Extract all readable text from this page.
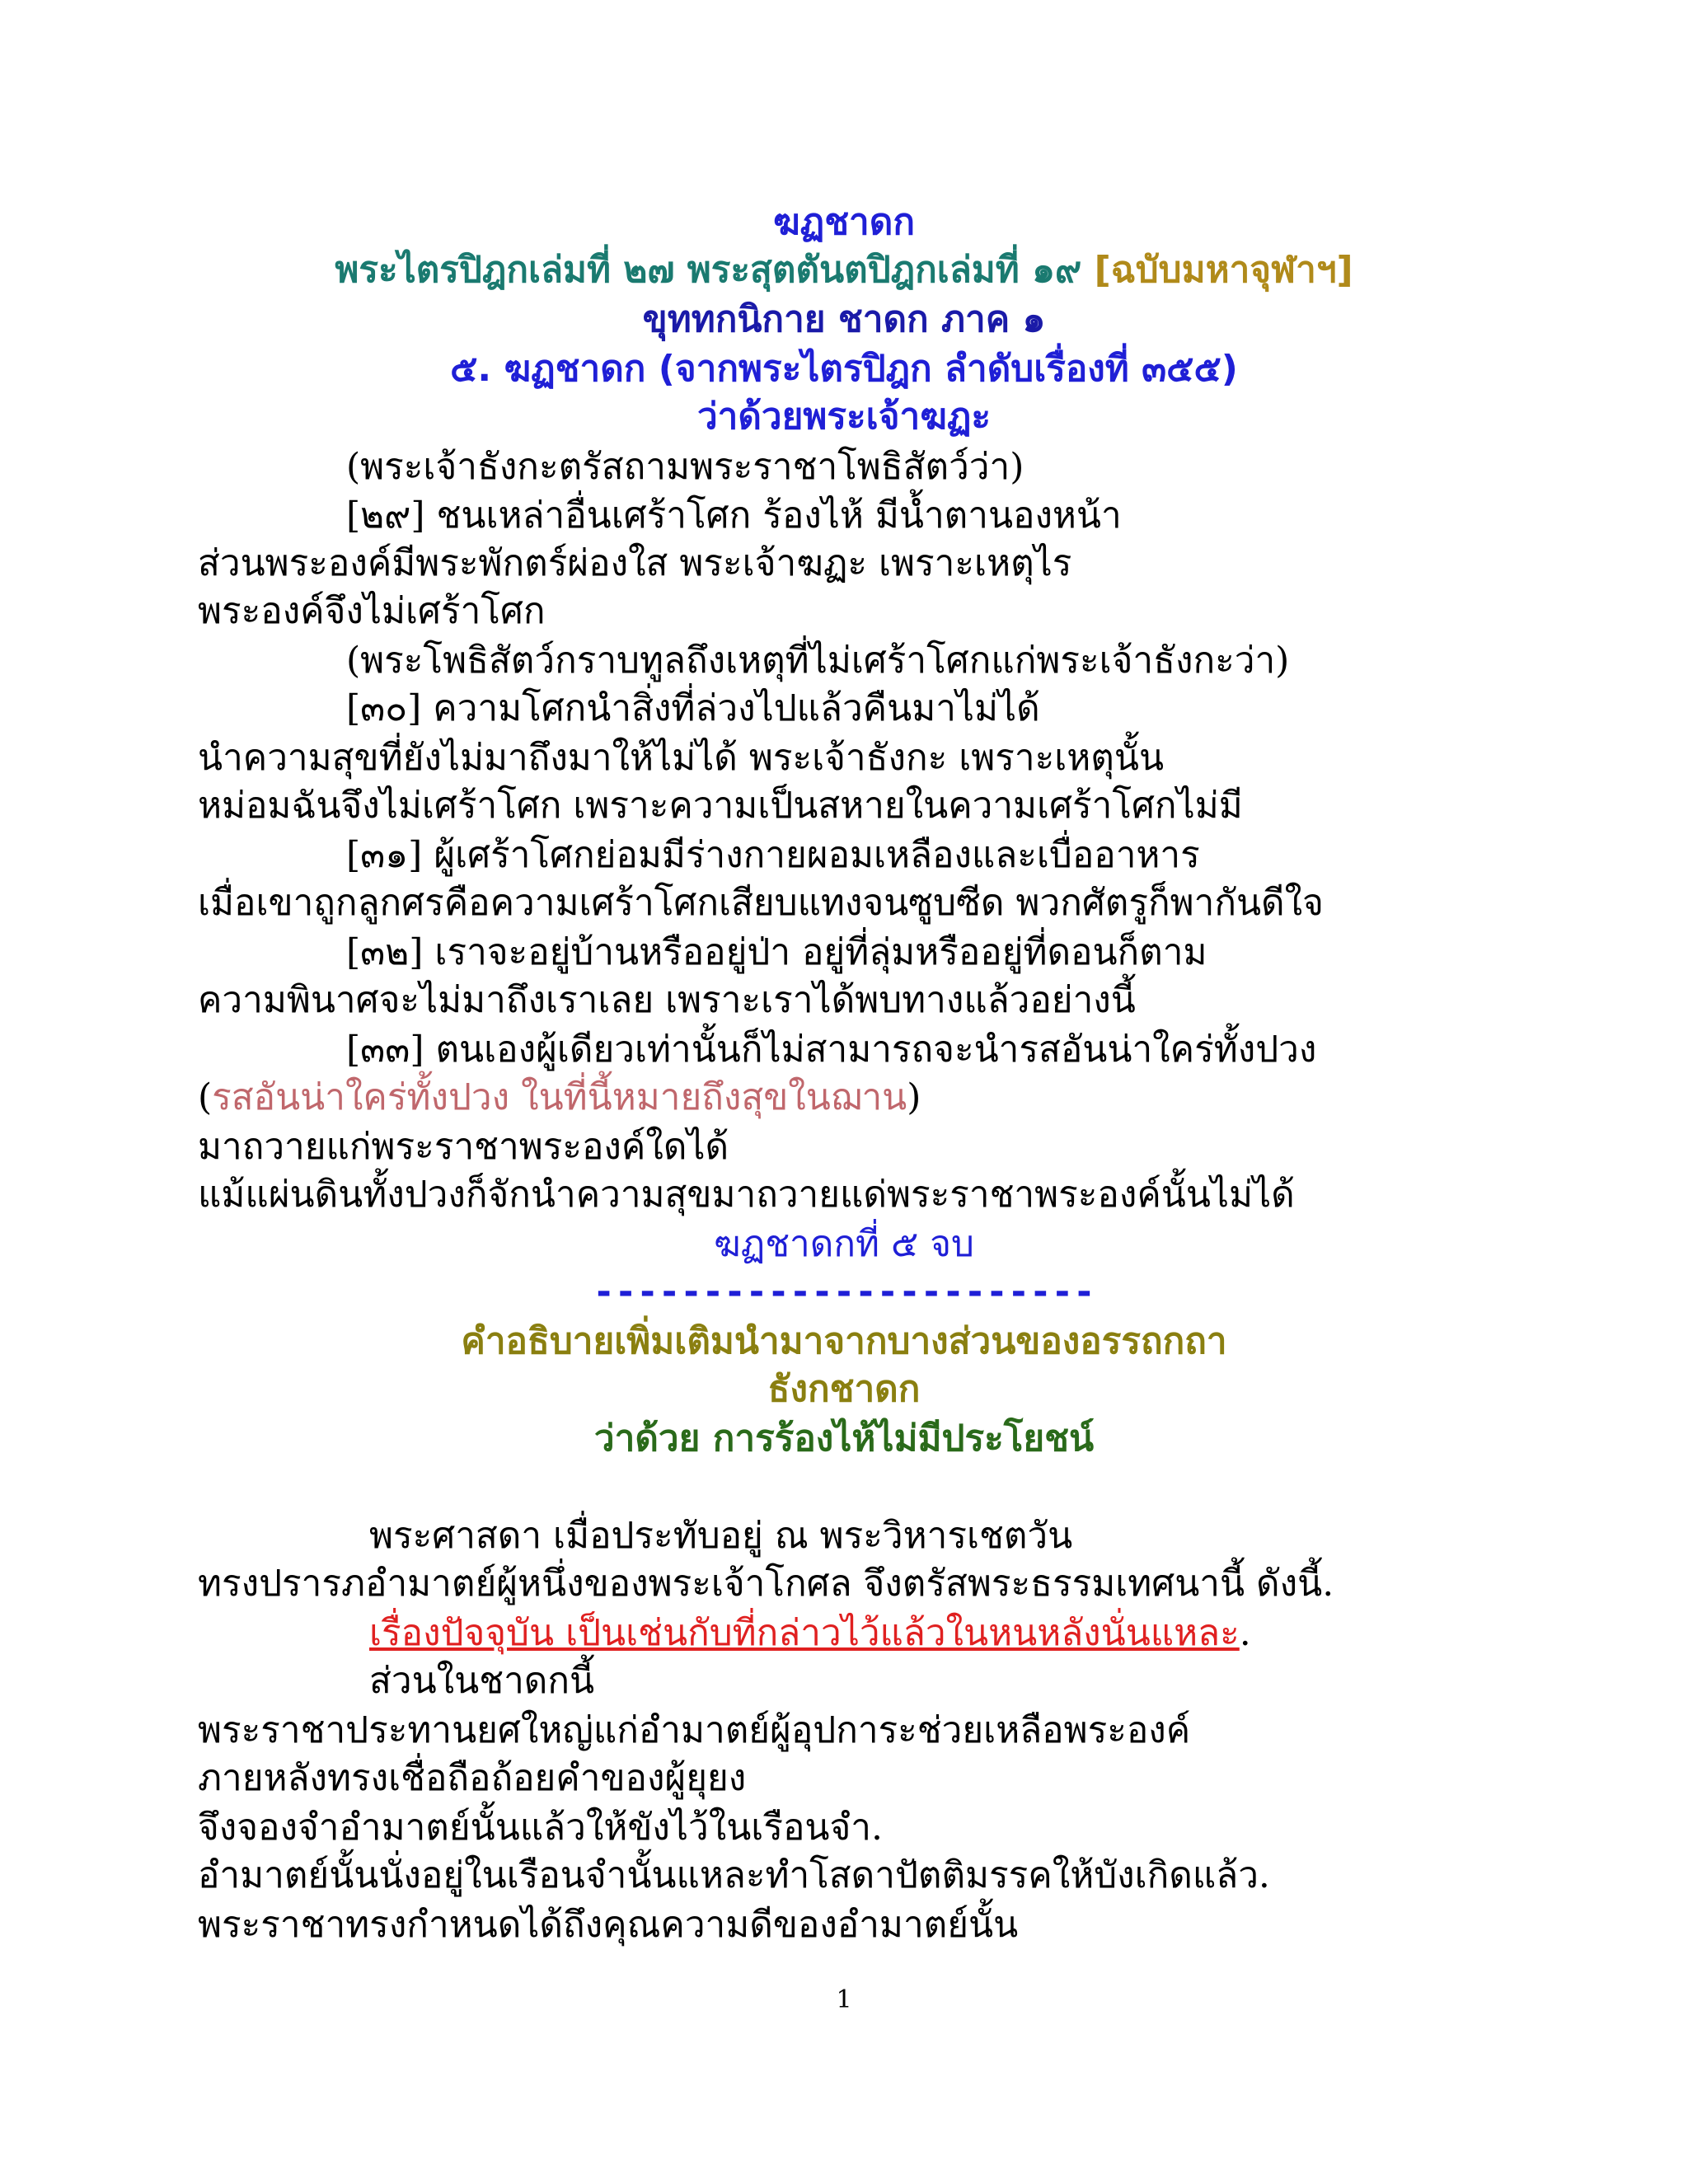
ฆฏชาดก
พระไตรปิฎกเล่มที่ ๒๗ พระสุตตันตปิฎกเล่มที่ ๑๙ [ฉบับมหาจุฬาฯ]
ขุททกนิกาย ชาดก ภาค ๑
๕. ฆฏชาดก (จากพระไตรปิฎก ลำดับเรื่องที่ ๓๕๕)
ว่าด้วยพระเจ้าฆฏะ
(พระเจ้าธังกะตรัสถามพระราชาโพธิสัตว์ว่า)
[๒๙] ชนเหล่าอื่นเศร้าโศก ร้องไห้ มีน้ำตานองหน้า
ส่วนพระองค์มีพระพักตร์ผ่องใส พระเจ้าฆฏะ เพราะเหตุไร
พระองค์จึงไม่เศร้าโศก
(พระโพธิสัตว์กราบทูลถึงเหตุที่ไม่เศร้าโศกแก่พระเจ้าธังกะว่า)
[๓๐] ความโศกนำสิ่งที่ล่วงไปแล้วคืนมาไม่ได้
นำความสุขที่ยังไม่มาถึงมาให้ไม่ได้ พระเจ้าธังกะ เพราะเหตุนั้น
หม่อมฉันจึงไม่เศร้าโศก เพราะความเป็นสหายในความเศร้าโศกไม่มี
[๓๑] ผู้เศร้าโศกย่อมมีร่างกายผอมเหลืองและเบื่ออาหาร
เมื่อเขาถูกลูกศรคือความเศร้าโศกเสียบแทงจนซูบซีด พวกศัตรูก็พากันดีใจ
[๓๒] เราจะอยู่บ้านหรืออยู่ป่า อยู่ที่ลุ่มหรืออยู่ที่ดอนก็ตาม
ความพินาศจะไม่มาถึงเราเลย เพราะเราได้พบทางแล้วอย่างนี้
[๓๓] ตนเองผู้เดียวเท่านั้นก็ไม่สามารถจะนำรสอันน่าใคร่ทั้งปวง
(รสอันน่าใคร่ทั้งปวง ในที่นี้หมายถึงสุขในฌาน)
มาถวายแก่พระราชาพระองค์ใดได้
แม้แผ่นดินทั้งปวงก็จักนำความสุขมาถวายแด่พระราชาพระองค์นั้นไม่ได้
ฆฏชาดกที่ ๕ จบ
-----------------------
คำอธิบายเพิ่มเติมนำมาจากบางส่วนของอรรถกถา
ธังกชาดก
ว่าด้วย การร้องไห้ไม่มีประโยชน์
พระศาสดา เมื่อประทับอยู่ ณ พระวิหารเชตวัน
ทรงปรารภอำมาตย์ผู้หนึ่งของพระเจ้าโกศล จึงตรัสพระธรรมเทศนานี้ ดังนี้.
เรื่องปัจจุบัน เป็นเช่นกับที่กล่าวไว้แล้วในหนหลังนั่นแหละ.
ส่วนในชาดกนี้
พระราชาประทานยศใหญ่แก่อำมาตย์ผู้อุปการะช่วยเหลือพระองค์
ภายหลังทรงเชื่อถือถ้อยคำของผู้ยุยง
จึงจองจำอำมาตย์นั้นแล้วให้ขังไว้ในเรือนจำ.
อำมาตย์นั้นนั่งอยู่ในเรือนจำนั้นแหละทำโสดาปัตติมรรคให้บังเกิดแล้ว.
พระราชาทรงกำหนดได้ถึงคุณความดีของอำมาตย์นั้น
1
